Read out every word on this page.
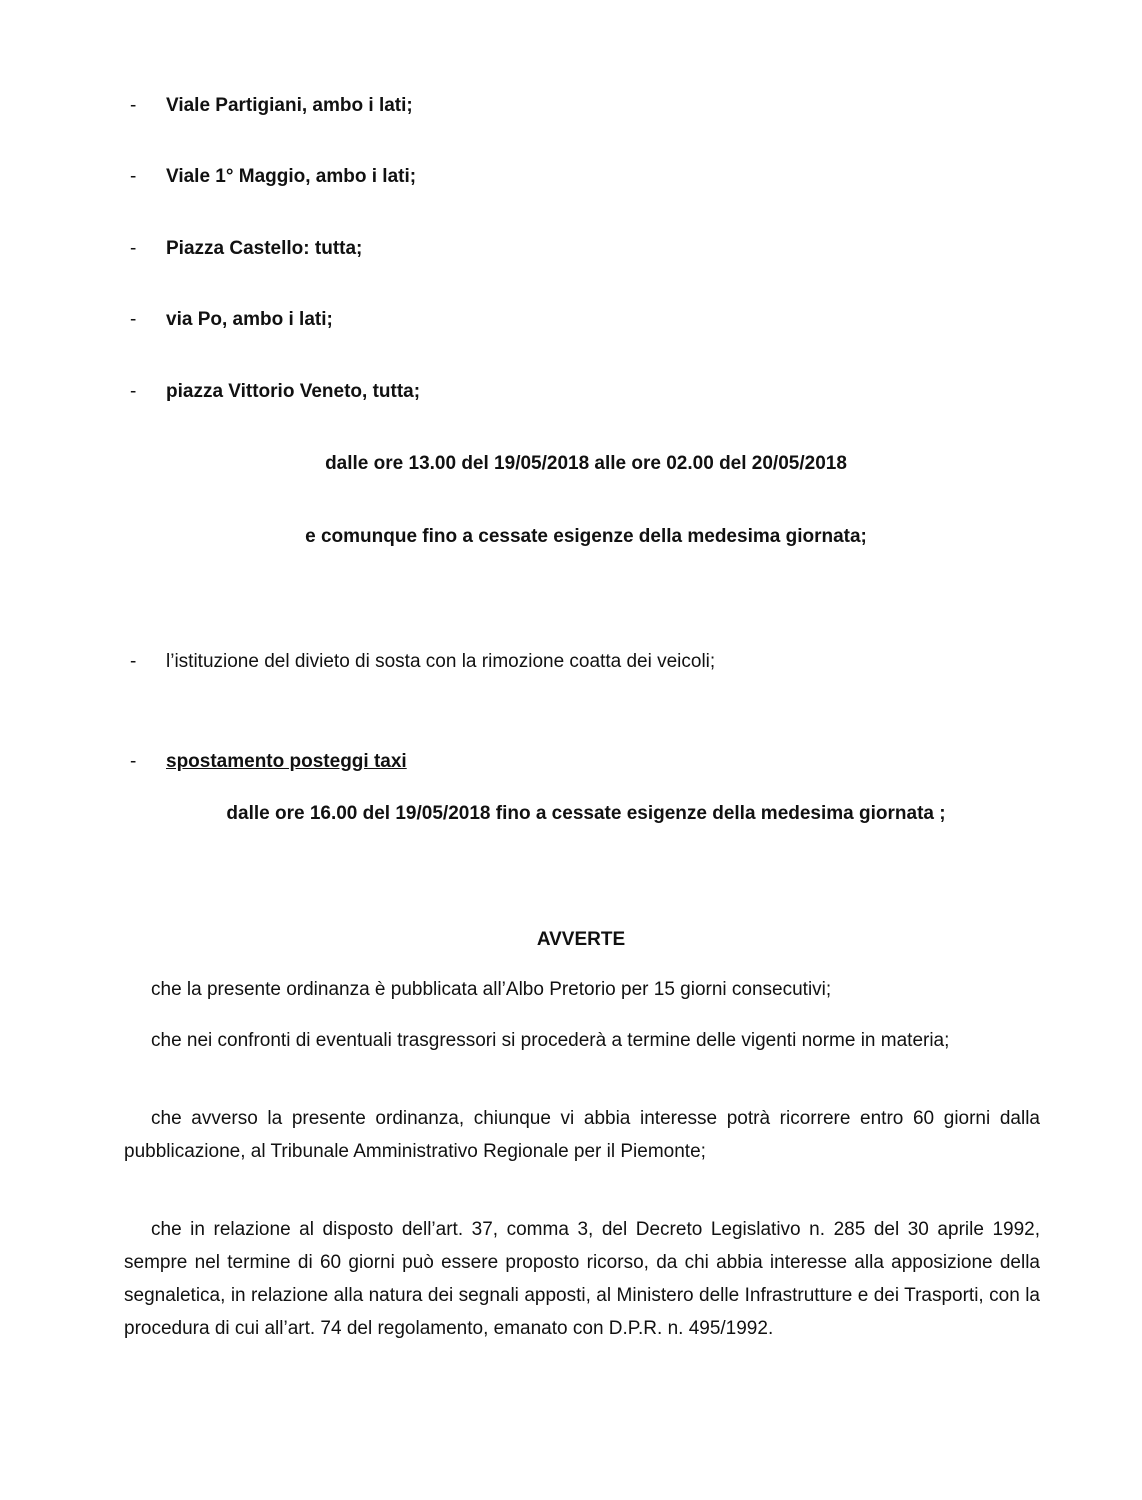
- Viale Partigiani, ambo i lati;
- Viale 1° Maggio, ambo i lati;
- Piazza Castello: tutta;
- via Po, ambo i lati;
- piazza Vittorio Veneto, tutta;
dalle ore 13.00 del 19/05/2018 alle ore 02.00 del 20/05/2018
e comunque fino a cessate esigenze della medesima giornata;
- l’istituzione del divieto di sosta con la rimozione coatta dei veicoli;
- spostamento posteggi taxi
dalle ore 16.00 del 19/05/2018 fino a cessate esigenze della medesima giornata ;
AVVERTE

che la presente ordinanza è pubblicata all’Albo Pretorio per 15 giorni consecutivi;

che nei confronti di eventuali trasgressori si procederà a termine delle vigenti norme in materia;

che avverso la presente ordinanza, chiunque vi abbia interesse potrà ricorrere entro 60 giorni dalla pubblicazione, al Tribunale Amministrativo Regionale per il Piemonte;

che in relazione al disposto dell’art. 37, comma 3, del Decreto Legislativo n. 285 del 30 aprile 1992, sempre nel termine di 60 giorni può essere proposto ricorso, da chi abbia interesse alla apposizione della segnaletica, in relazione alla natura dei segnali apposti, al Ministero delle Infrastrutture e dei Trasporti, con la procedura di cui all’art. 74 del regolamento, emanato con D.P.R. n. 495/1992.
